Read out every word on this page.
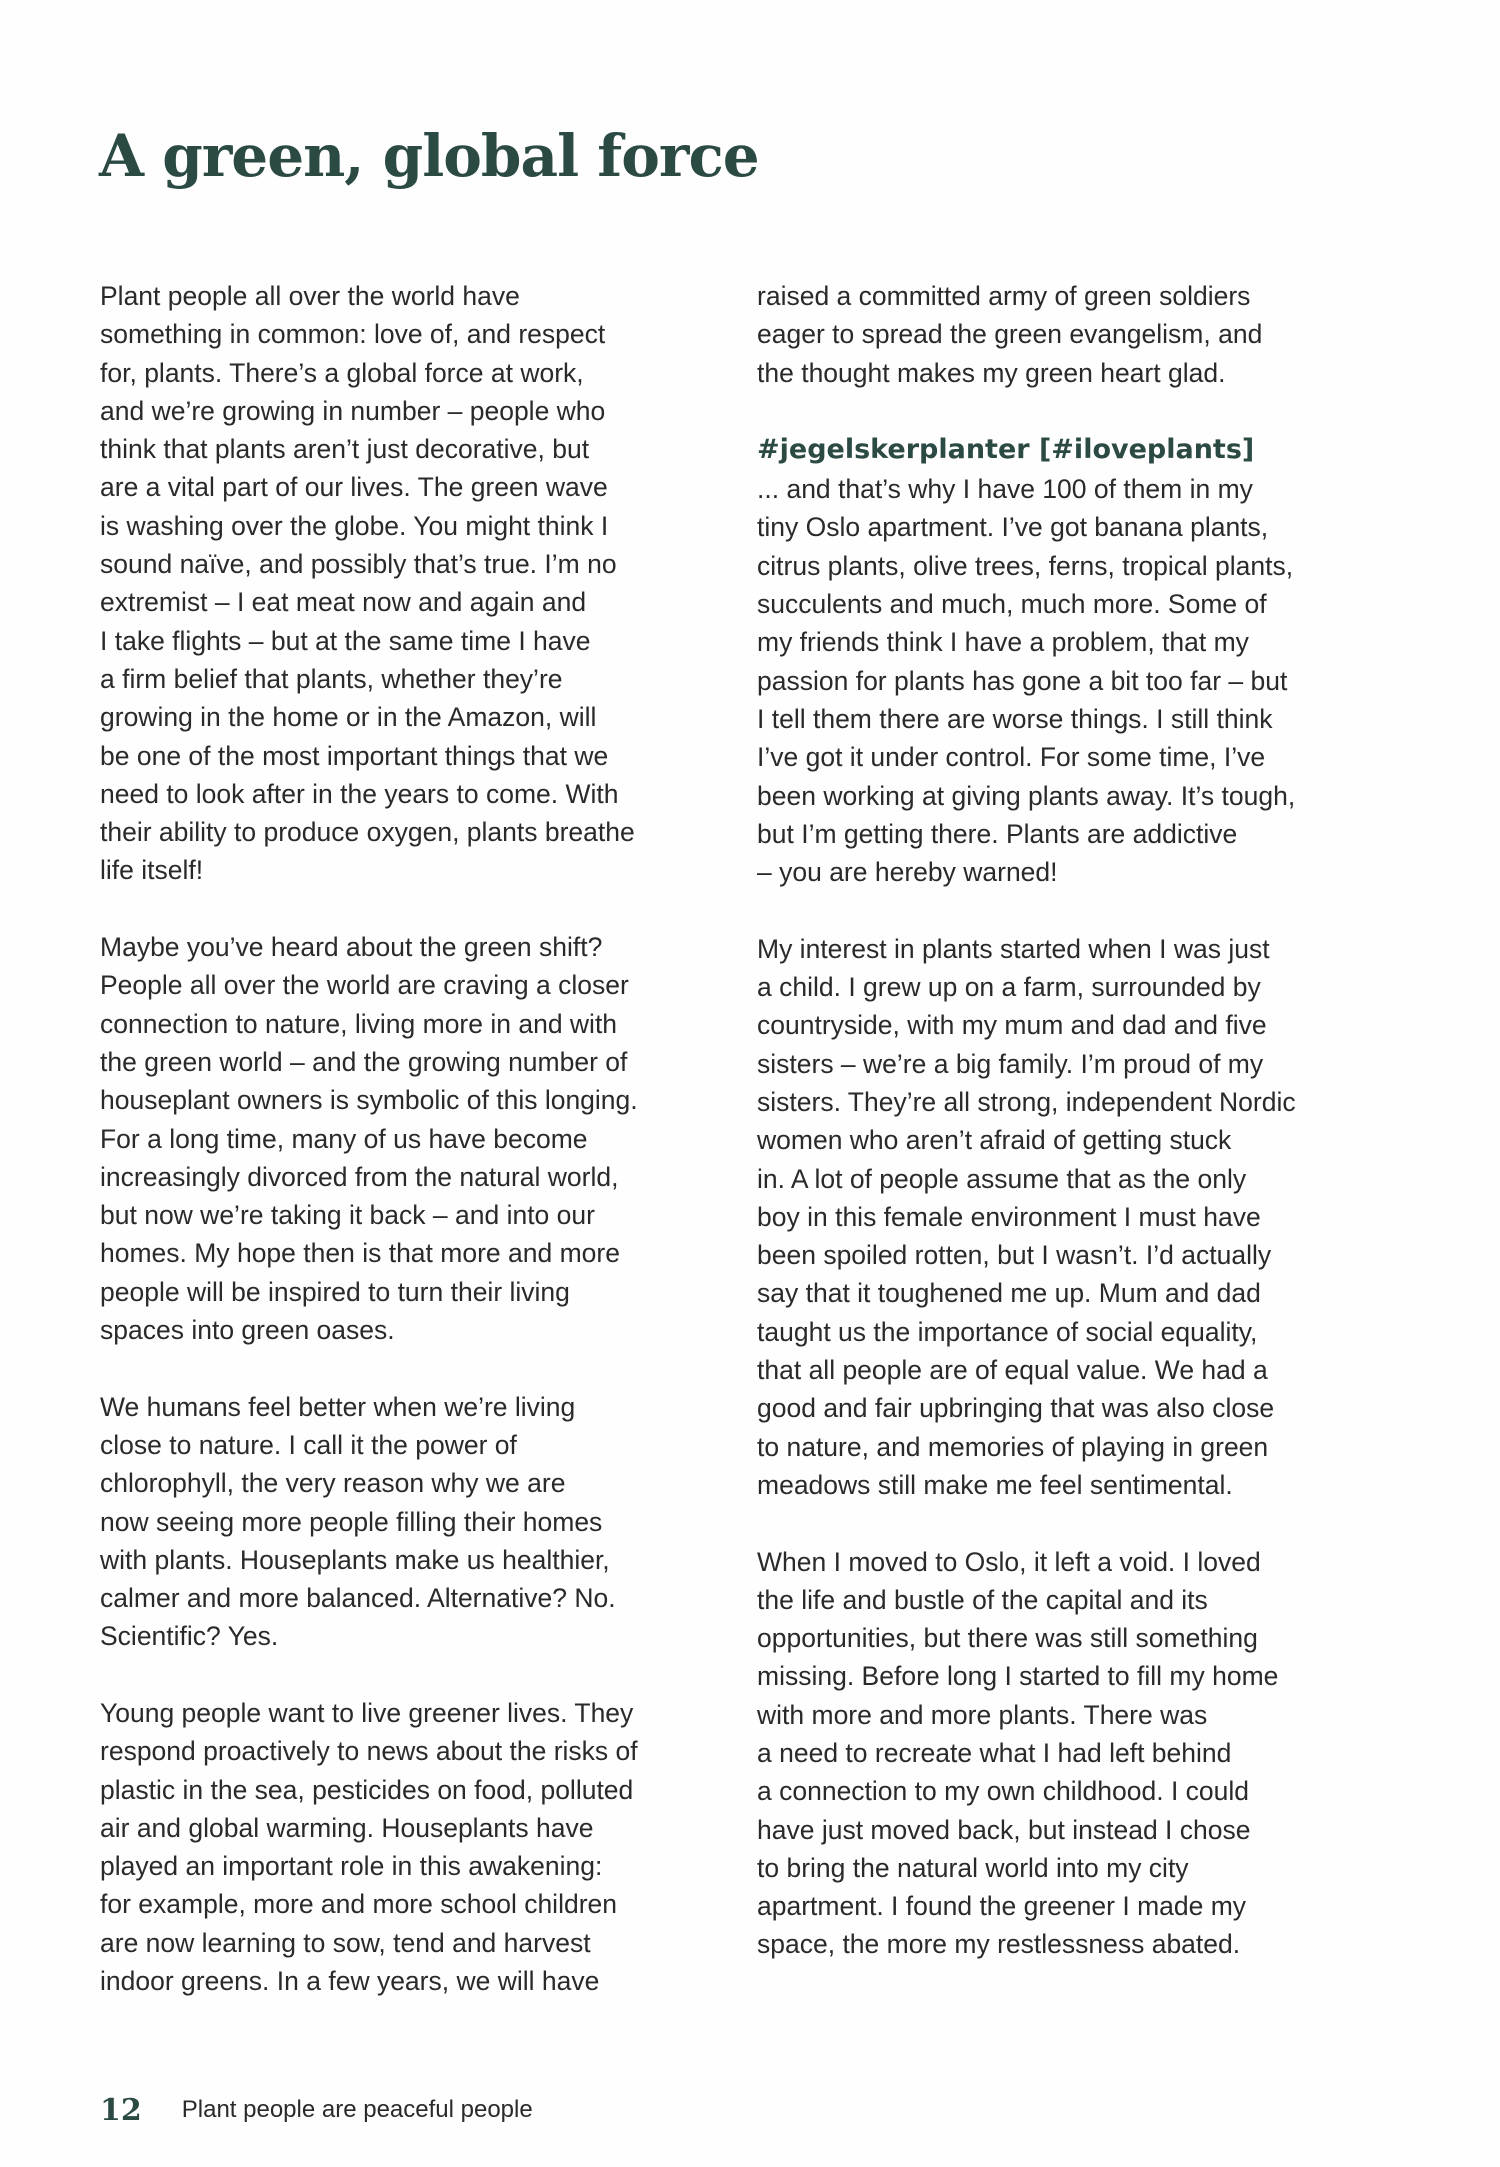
A green, global force

Plant people all over the world have
something in common: love of, and respect
for, plants. There’s a global force at work,
and we’re growing in number – people who
think that plants aren’t just decorative, but
are a vital part of our lives. The green wave
is washing over the globe. You might think I
sound naïve, and possibly that’s true. I’m no
extremist – I eat meat now and again and
I take flights – but at the same time I have
a firm belief that plants, whether they’re
growing in the home or in the Amazon, will
be one of the most important things that we
need to look after in the years to come. With
their ability to produce oxygen, plants breathe
life itself!

Maybe you’ve heard about the green shift?
People all over the world are craving a closer
connection to nature, living more in and with
the green world – and the growing number of
houseplant owners is symbolic of this longing.
For a long time, many of us have become
increasingly divorced from the natural world,
but now we’re taking it back – and into our
homes. My hope then is that more and more
people will be inspired to turn their living
spaces into green oases.

We humans feel better when we’re living
close to nature. I call it the power of
chlorophyll, the very reason why we are
now seeing more people filling their homes
with plants. Houseplants make us healthier,
calmer and more balanced. Alternative? No.
Scientific? Yes.

Young people want to live greener lives. They
respond proactively to news about the risks of
plastic in the sea, pesticides on food, polluted
air and global warming. Houseplants have
played an important role in this awakening:
for example, more and more school children
are now learning to sow, tend and harvest
indoor greens. In a few years, we will have

raised a committed army of green soldiers
eager to spread the green evangelism, and
the thought makes my green heart glad.

#jegelskerplanter [#iloveplants]

... and that’s why I have 100 of them in my
tiny Oslo apartment. I’ve got banana plants,
citrus plants, olive trees, ferns, tropical plants,
succulents and much, much more. Some of
my friends think I have a problem, that my
passion for plants has gone a bit too far – but
I tell them there are worse things. I still think
I’ve got it under control. For some time, I’ve
been working at giving plants away. It’s tough,
but I’m getting there. Plants are addictive
– you are hereby warned!

My interest in plants started when I was just
a child. I grew up on a farm, surrounded by
countryside, with my mum and dad and five
sisters – we’re a big family. I’m proud of my
sisters. They’re all strong, independent Nordic
women who aren’t afraid of getting stuck
in. A lot of people assume that as the only
boy in this female environment I must have
been spoiled rotten, but I wasn’t. I’d actually
say that it toughened me up. Mum and dad
taught us the importance of social equality,
that all people are of equal value. We had a
good and fair upbringing that was also close
to nature, and memories of playing in green
meadows still make me feel sentimental.

When I moved to Oslo, it left a void. I loved
the life and bustle of the capital and its
opportunities, but there was still something
missing. Before long I started to fill my home
with more and more plants. There was
a need to recreate what I had left behind
a connection to my own childhood. I could
have just moved back, but instead I chose
to bring the natural world into my city
apartment. I found the greener I made my
space, the more my restlessness abated.

12 Plant people are peaceful people
